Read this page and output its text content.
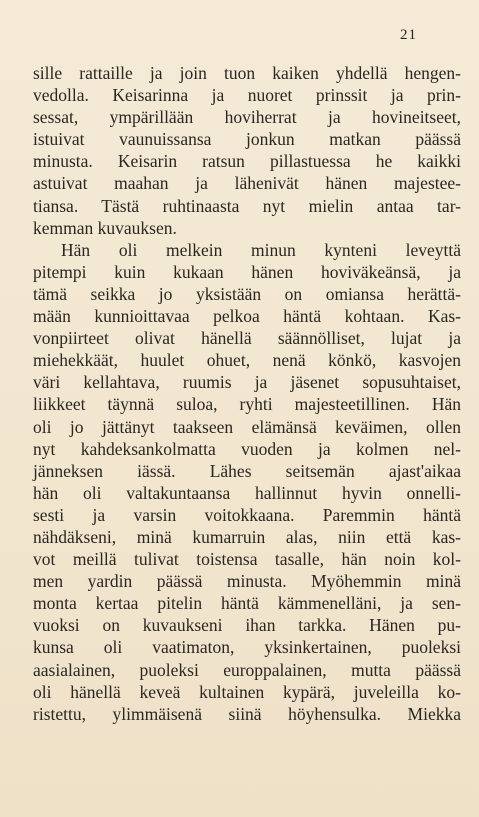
21
sille rattaille ja join tuon kaiken yhdellä hengen-
vedolla. Keisarinna ja nuoret prinssit ja prin-
sessat, ympärillään hoviherrat ja hovineitseet,
istuivat vaunuissansa jonkun matkan päässä
minusta. Keisarin ratsun pillastuessa he kaikki
astuivat maahan ja lähenivät hänen majestee-
tiansa. Tästä ruhtinaasta nyt mielin antaa tar-
kemman kuvauksen.
Hän oli melkein minun kynteni leveyttä
pitempi kuin kukaan hänen hoviväkeänsä, ja
tämä seikka jo yksistään on omiansa herättä-
mään kunnioittavaa pelkoa häntä kohtaan. Kas-
vonpiirteet olivat hänellä säännölliset, lujat ja
miehekkäät, huulet ohuet, nenä könkö, kasvojen
väri kellahtava, ruumis ja jäsenet sopusuhtaiset,
liikkeet täynnä suloa, ryhti majesteetillinen. Hän
oli jo jättänyt taakseen elämänsä keväimen, ollen
nyt kahdeksankolmatta vuoden ja kolmen nel-
jänneksen iässä. Lähes seitsemän ajast'aikaa
hän oli valtakuntaansa hallinnut hyvin onnelli-
sesti ja varsin voitokkaana. Paremmin häntä
nähdäkseni, minä kumarruin alas, niin että kas-
vot meillä tulivat toistensa tasalle, hän noin kol-
men yardin päässä minusta. Myöhemmin minä
monta kertaa pitelin häntä kämmenelläni, ja sen-
vuoksi on kuvaukseni ihan tarkka. Hänen pu-
kunsa oli vaatimaton, yksinkertainen, puoleksi
aasialainen, puoleksi europpalainen, mutta päässä
oli hänellä keveä kultainen kypärä, juveleilla ko-
ristettu, ylimmäisenä siinä höyhensulka. Miekka
